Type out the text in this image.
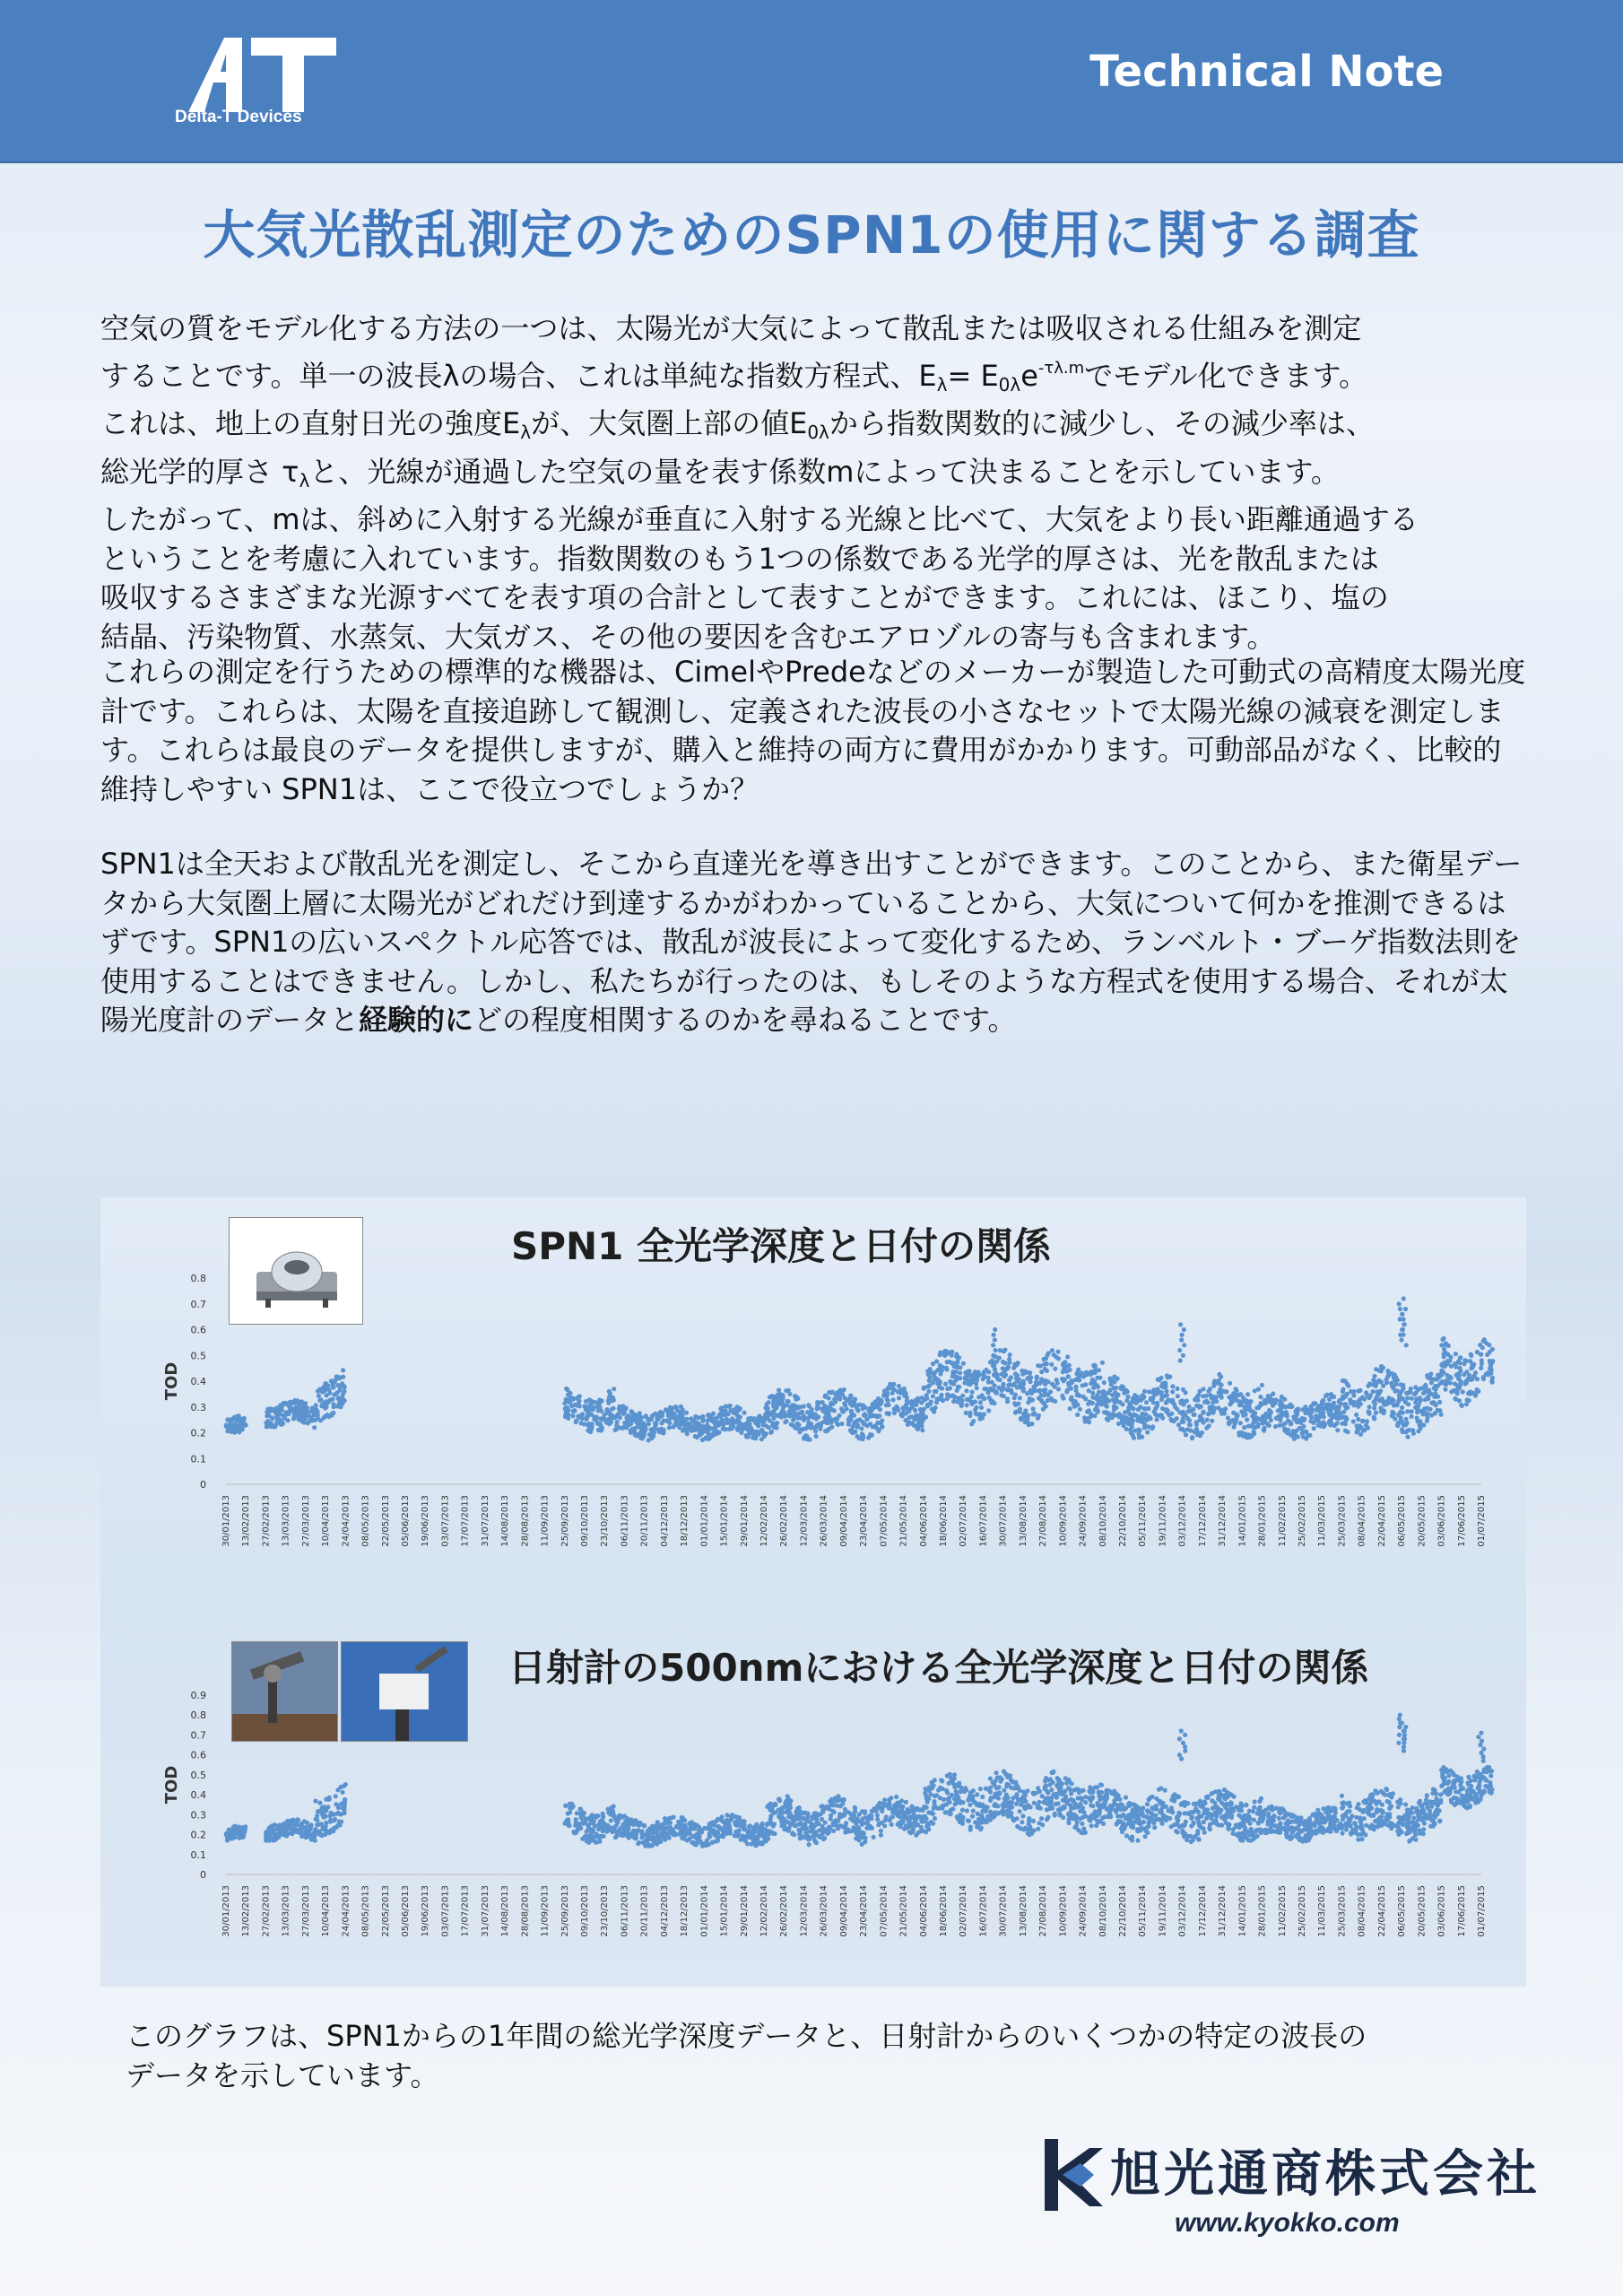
Delta-T Devices
Technical Note
大気光散乱測定のためのSPN1の使用に関する調査
空気の質をモデル化する方法の一つは、太陽光が大気によって散乱または吸収される仕組みを測定
することです。単一の波長λの場合、これは単純な指数方程式、$E_\lambda= E_{0\lambda}e^{-\tau\lambda.m}$でモデル化できます。
これは、地上の直射日光の強度$E_\lambda$が、大気圏上部の値$E_{0\lambda}$から指数関数的に減少し、その減少率は、
総光学的厚さ $\tau_\lambda$と、光線が通過した空気の量を表す係数mによって決まることを示しています。
したがって、mは、斜めに入射する光線が垂直に入射する光線と比べて、大気をより長い距離通過する
ということを考慮に入れています。指数関数のもう1つの係数である光学的厚さは、光を散乱または
吸収するさまざまな光源すべてを表す項の合計として表すことができます。これには、ほこり、塩の
結晶、汚染物質、水蒸気、大気ガス、その他の要因を含むエアロゾルの寄与も含まれます。

これらの測定を行うための標準的な機器は、CimelやPredeなどのメーカーが製造した可動式の高精度太陽光度計です。これらは、太陽を直接追跡して観測し、定義された波長の小さなセットで太陽光線の減衰を測定します。これらは最良のデータを提供しますが、購入と維持の両方に費用がかかります。可動部品がなく、比較的維持しやすい SPN1は、ここで役立つでしょうか？

SPN1は全天および散乱光を測定し、そこから直達光を導き出すことができます。このことから、また衛星データから大気圏上層に太陽光がどれだけ到達するかがわかっていることから、大気について何かを推測できるはずです。SPN1の広いスペクトル応答では、散乱が波長によって変化するため、ランベルト・ブーゲ指数法則を使用することはできません。しかし、私たちが行ったのは、もしそのような方程式を使用する場合、それが太陽光度計のデータと経験的にどの程度相関するのかを尋ねることです。

SPN1 全光学深度と日付の関係
0.8
0.7
0.6
0.5
0.4
0.3
0.2
0.1
0
TOD
30/01/2013 13/02/2013 27/02/2013 13/03/2013 27/03/2013 10/04/2013 24/04/2013 08/05/2013 22/05/2013 05/06/2013 19/06/2013 03/07/2013 17/07/2013 31/07/2013 14/08/2013 28/08/2013 11/09/2013 25/09/2013 09/10/2013 23/10/2013 06/11/2013 20/11/2013 04/12/2013 18/12/2013 01/01/2014 15/01/2014 29/01/2014 12/02/2014 26/02/2014 12/03/2014 26/03/2014 09/04/2014 23/04/2014 07/05/2014 21/05/2014 04/06/2014 18/06/2014 02/07/2014 16/07/2014 30/07/2014 13/08/2014 27/08/2014 10/09/2014 24/09/2014 08/10/2014 22/10/2014 05/11/2014 19/11/2014 03/12/2014 17/12/2014 31/12/2014 14/01/2015 28/01/2015 11/02/2015 25/02/2015 11/03/2015 25/03/2015 08/04/2015 22/04/2015 06/05/2015 20/05/2015 03/06/2015 17/06/2015 01/07/2015
日射計の500nmにおける全光学深度と日付の関係
0.9
0.8
0.7
0.6
0.5
0.4
0.3
0.2
0.1
0
TOD
30/01/2013 13/02/2013 27/02/2013 13/03/2013 27/03/2013 10/04/2013 24/04/2013 08/05/2013 22/05/2013 05/06/2013 19/06/2013 03/07/2013 17/07/2013 31/07/2013 14/08/2013 28/08/2013 11/09/2013 25/09/2013 09/10/2013 23/10/2013 06/11/2013 20/11/2013 04/12/2013 18/12/2013 01/01/2014 15/01/2014 29/01/2014 12/02/2014 26/02/2014 12/03/2014 26/03/2014 09/04/2014 23/04/2014 07/05/2014 21/05/2014 04/06/2014 18/06/2014 02/07/2014 16/07/2014 30/07/2014 13/08/2014 27/08/2014 10/09/2014 24/09/2014 08/10/2014 22/10/2014 05/11/2014 19/11/2014 03/12/2014 17/12/2014 31/12/2014 14/01/2015 28/01/2015 11/02/2015 25/02/2015 11/03/2015 25/03/2015 08/04/2015 22/04/2015 06/05/2015 20/05/2015 03/06/2015 17/06/2015 01/07/2015
このグラフは、SPN1からの1年間の総光学深度データと、日射計からのいくつかの特定の波長の
データを示しています。
旭光通商株式会社
www.kyokko.com
